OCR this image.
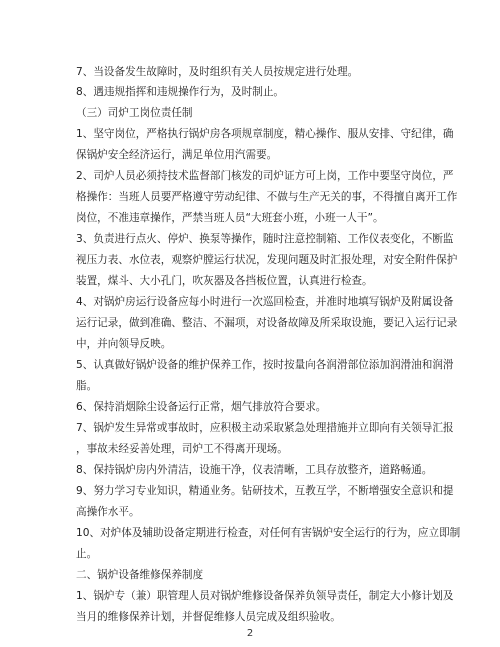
7、当设备发生故障时，及时组织有关人员按规定进行处理。
8、遇违规指挥和违规操作行为，及时制止。
（三）司炉工岗位责任制
1、坚守岗位，严格执行锅炉房各项规章制度，精心操作、服从安排、守纪律，确
保锅炉安全经济运行，满足单位用汽需要。
2、司炉人员必须持技术监督部门核发的司炉证方可上岗，工作中要坚守岗位，严
格操作：当班人员要严格遵守劳动纪律、不做与生产无关的事，不得擅自离开工作
岗位，不准违章操作，严禁当班人员“大班套小班，小班一人干”。
3、负责进行点火、停炉、换泵等操作，随时注意控制箱、工作仪表变化，不断监
视压力表、水位表，观察炉膛运行状况，发现问题及时汇报处理，对安全附件保护
装置，煤斗、大小孔门，吹灰器及各挡板位置，认真进行检查。
4、对锅炉房运行设备应每小时进行一次巡回检查，并准时地填写锅炉及附属设备
运行记录，做到准确、整洁、不漏项，对设备故障及所采取设施，要记入运行记录
中，并向领导反映。
5、认真做好锅炉设备的维护保养工作，按时按量向各润滑部位添加润滑油和润滑
脂。
6、保持消烟除尘设备运行正常，烟气排放符合要求。
7、锅炉发生异常或事故时，应积极主动采取紧急处理措施并立即向有关领导汇报
，事故未经妥善处理，司炉工不得离开现场。
8、保持锅炉房内外清洁，设施干净，仪表清晰，工具存放整齐，道路畅通。
9、努力学习专业知识，精通业务。钻研技术，互教互学，不断增强安全意识和提
高操作水平。
10、对炉体及辅助设备定期进行检查，对任何有害锅炉安全运行的行为，应立即制
止。
二、锅炉设备维修保养制度
1、锅炉专（兼）职管理人员对锅炉维修设备保养负领导责任，制定大小修计划及
当月的维修保养计划，并督促维修人员完成及组织验收。
2
